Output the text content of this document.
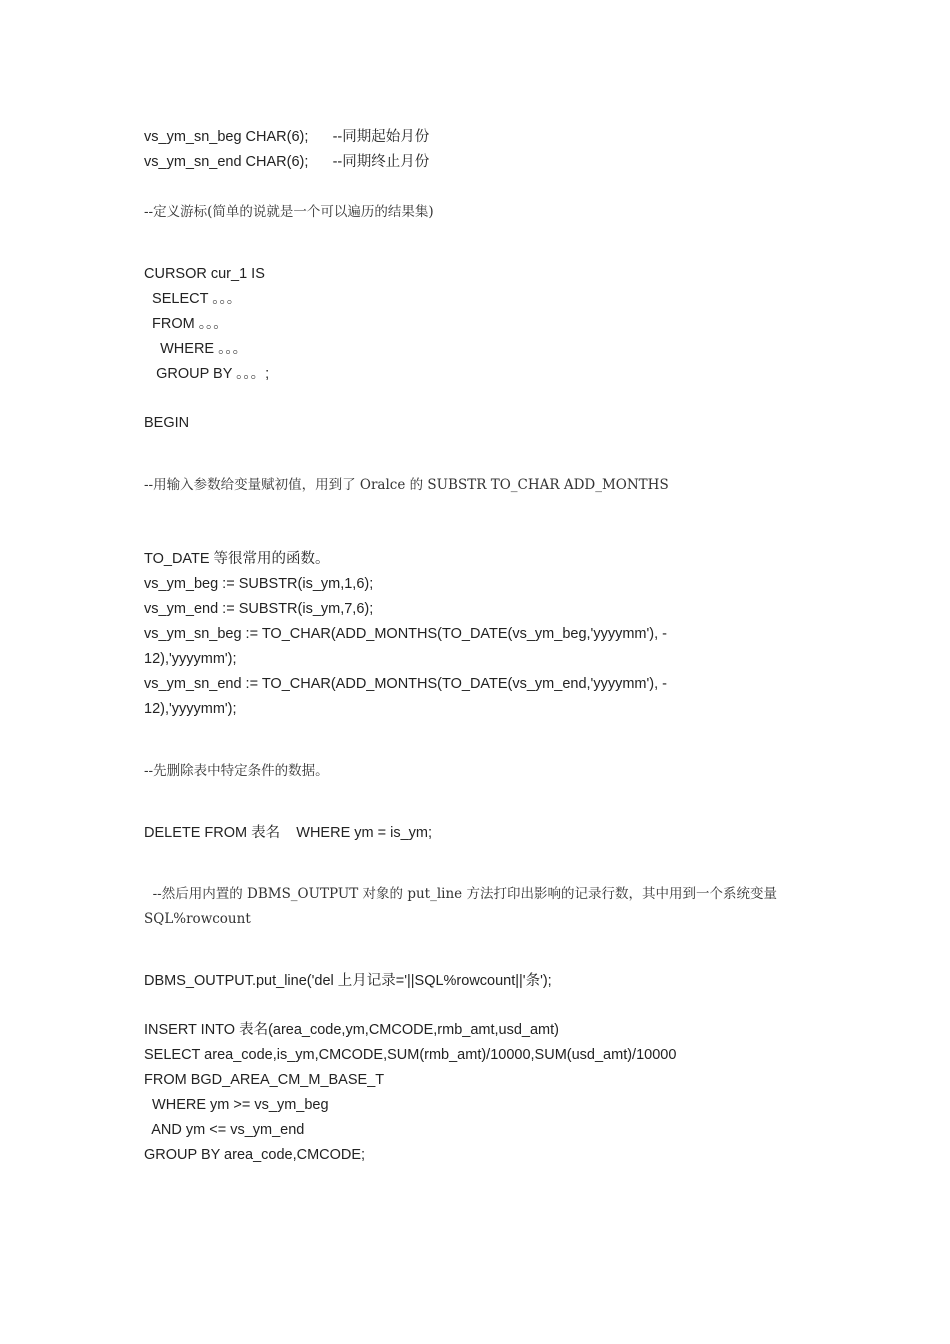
vs_ym_sn_beg CHAR(6);      --同期起始月份
vs_ym_sn_end CHAR(6);      --同期终止月份
--定义游标(简单的说就是一个可以遍历的结果集)
CURSOR cur_1 IS
SELECT 。。。
FROM 。。。
WHERE 。。。
GROUP BY 。。。;
BEGIN
--用输入参数给变量赋初值，用到了 Oralce 的 SUBSTR TO_CHAR ADD_MONTHS
TO_DATE 等很常用的函数。
vs_ym_beg := SUBSTR(is_ym,1,6);
vs_ym_end := SUBSTR(is_ym,7,6);
vs_ym_sn_beg := TO_CHAR(ADD_MONTHS(TO_DATE(vs_ym_beg,'yyyymm'), -
12),'yyyymm');
vs_ym_sn_end := TO_CHAR(ADD_MONTHS(TO_DATE(vs_ym_end,'yyyymm'), -
12),'yyyymm');
--先删除表中特定条件的数据。
DELETE FROM 表名    WHERE ym = is_ym;
--然后用内置的 DBMS_OUTPUT 对象的 put_line 方法打印出影响的记录行数，其中用到一个系统变量
SQL%rowcount
DBMS_OUTPUT.put_line('del 上月记录='||SQL%rowcount||'条');
INSERT INTO 表名(area_code,ym,CMCODE,rmb_amt,usd_amt)
SELECT area_code,is_ym,CMCODE,SUM(rmb_amt)/10000,SUM(usd_amt)/10000
FROM BGD_AREA_CM_M_BASE_T
WHERE ym >= vs_ym_beg
AND ym <= vs_ym_end
GROUP BY area_code,CMCODE;
